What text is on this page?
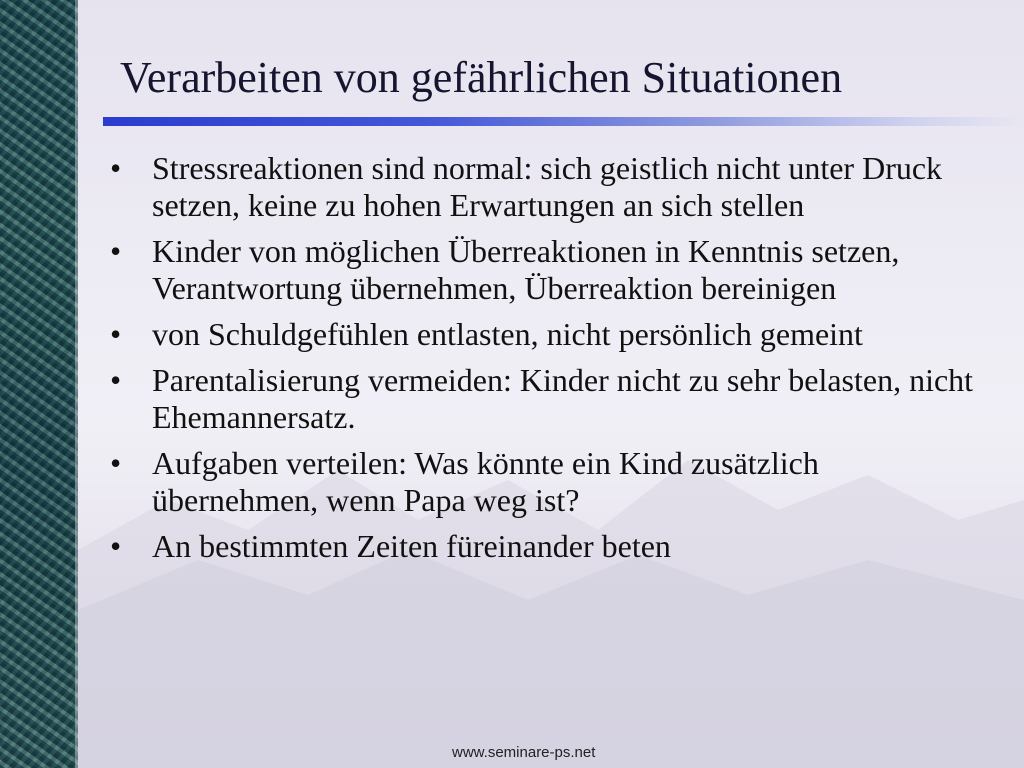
Verarbeiten von gefährlichen Situationen
• Stressreaktionen sind normal: sich geistlich nicht unter Druck setzen, keine zu hohen Erwartungen an sich stellen
• Kinder von möglichen Überreaktionen in Kenntnis setzen, Verantwortung übernehmen, Überreaktion bereinigen
• von Schuldgefühlen entlasten, nicht persönlich gemeint
• Parentalisierung vermeiden: Kinder nicht zu sehr belasten, nicht Ehemannersatz.
• Aufgaben verteilen: Was könnte ein Kind zusätzlich übernehmen, wenn Papa weg ist?
• An bestimmten Zeiten füreinander beten
www.seminare-ps.net
